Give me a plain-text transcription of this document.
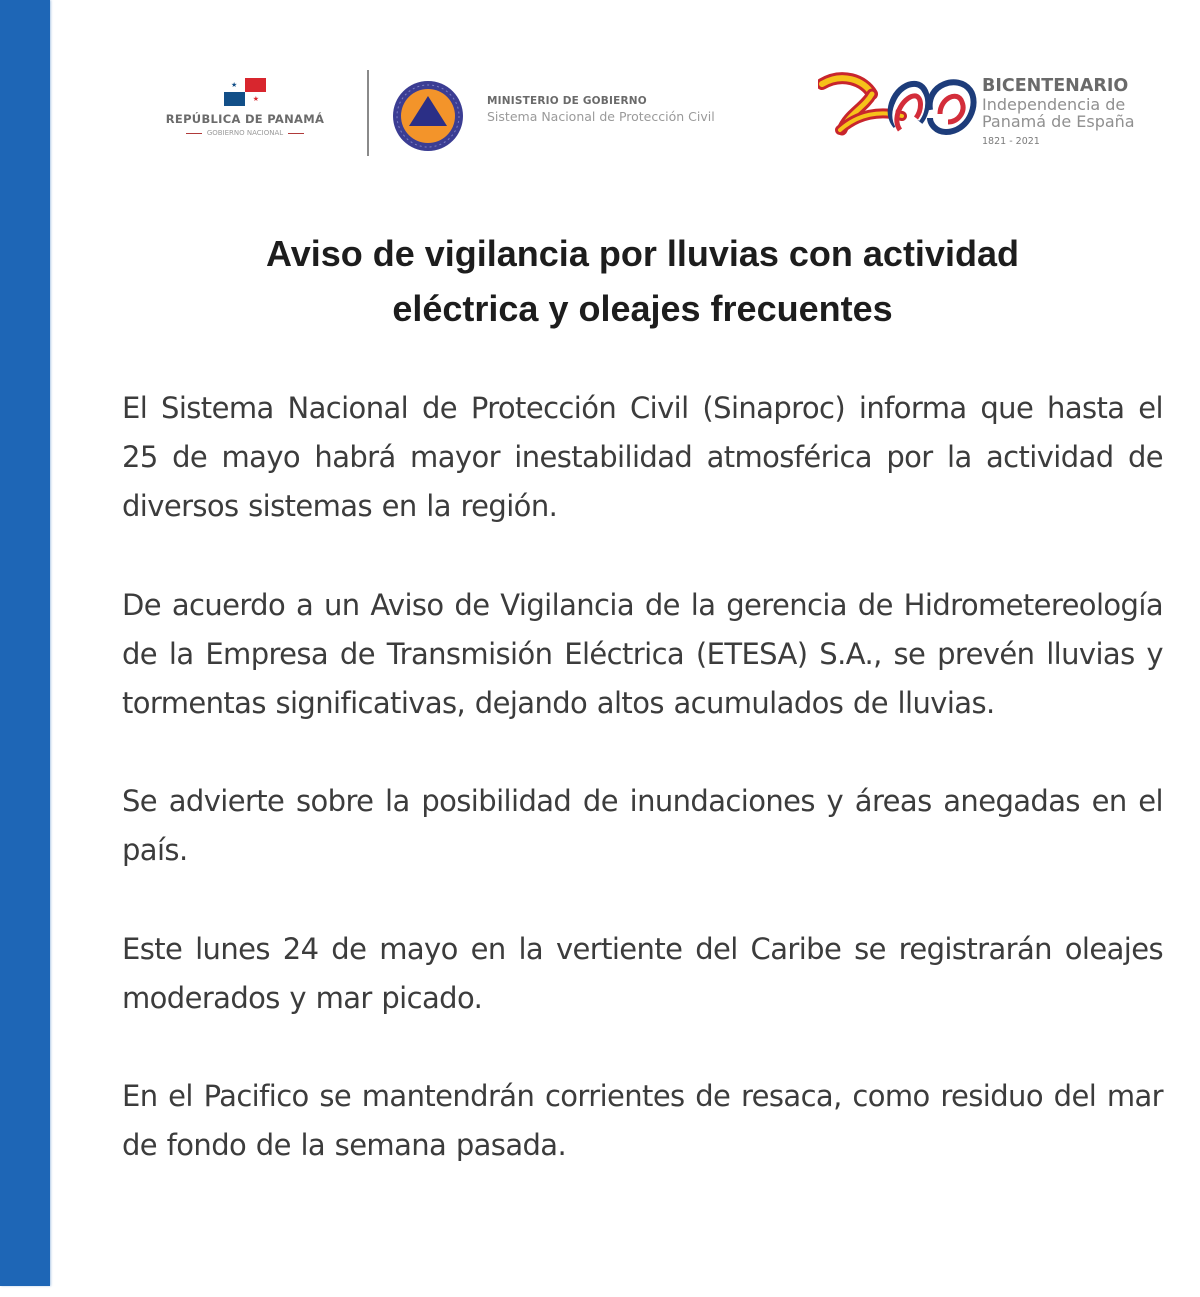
★
★
REPÚBLICA DE PANAMÁ
GOBIERNO NACIONAL
MINISTERIO DE GOBIERNO
Sistema Nacional de Protección Civil
BICENTENARIO
Independencia de
Panamá de España
1821 - 2021
Aviso de vigilancia por lluvias con actividad
eléctrica y oleajes frecuentes

El Sistema Nacional de Protección Civil (Sinaproc) informa que hasta el 25 de mayo habrá mayor inestabilidad atmosférica por la actividad de diversos sistemas en la región.

De acuerdo a un Aviso de Vigilancia de la gerencia de Hidrometereología de la Empresa de Transmisión Eléctrica (ETESA) S.A., se prevén lluvias y tormentas significativas, dejando altos acumulados de lluvias.

Se advierte sobre la posibilidad de inundaciones y áreas anegadas en el país.

Este lunes 24 de mayo en la vertiente del Caribe se registrarán oleajes moderados y mar picado.

En el Pacifico se mantendrán corrientes de resaca, como residuo del mar de fondo de la semana pasada.
